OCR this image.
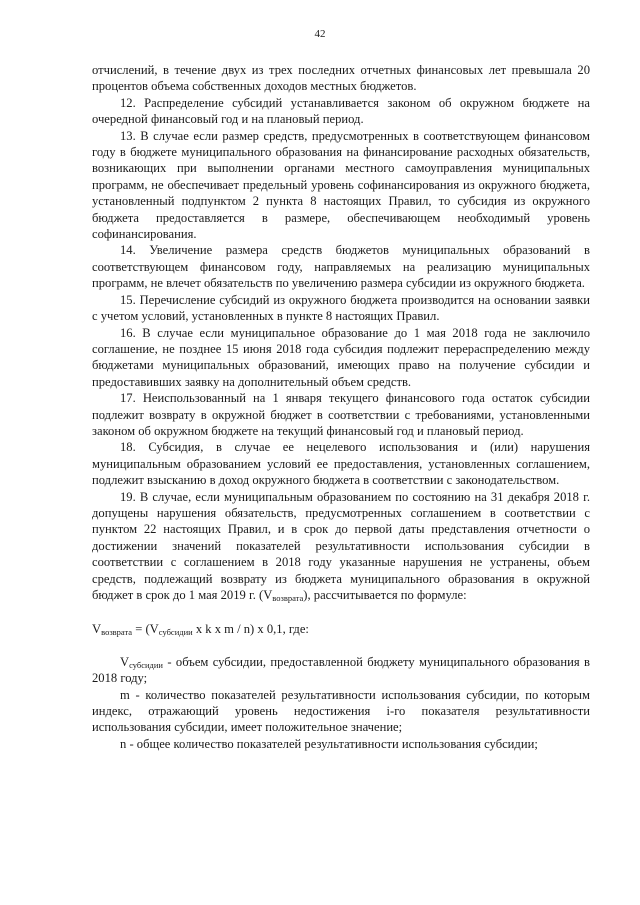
42

отчислений, в течение двух из трех последних отчетных финансовых лет превышала 20 процентов объема собственных доходов местных бюджетов.

12. Распределение субсидий устанавливается законом об окружном бюджете на очередной финансовый год и на плановый период.

13. В случае если размер средств, предусмотренных в соответствующем финансовом году в бюджете муниципального образования на финансирование расходных обязательств, возникающих при выполнении органами местного самоуправления муниципальных программ, не обеспечивает предельный уровень софинансирования из окружного бюджета, установленный подпунктом 2 пункта 8 настоящих Правил, то субсидия из окружного бюджета предоставляется в размере, обеспечивающем необходимый уровень софинансирования.

14. Увеличение размера средств бюджетов муниципальных образований в соответствующем финансовом году, направляемых на реализацию муниципальных программ, не влечет обязательств по увеличению размера субсидии из окружного бюджета.

15. Перечисление субсидий из окружного бюджета производится на основании заявки с учетом условий, установленных в пункте 8 настоящих Правил.

16. В случае если муниципальное образование до 1 мая 2018 года не заключило соглашение, не позднее 15 июня 2018 года субсидия подлежит перераспределению между бюджетами муниципальных образований, имеющих право на получение субсидии и предоставивших заявку на дополнительный объем средств.

17. Неиспользованный на 1 января текущего финансового года остаток субсидии подлежит возврату в окружной бюджет в соответствии с требованиями, установленными законом об окружном бюджете на текущий финансовый год и плановый период.

18. Субсидия, в случае ее нецелевого использования и (или) нарушения муниципальным образованием условий ее предоставления, установленных соглашением, подлежит взысканию в доход окружного бюджета в соответствии с законодательством.

19. В случае, если муниципальным образованием по состоянию на 31 декабря 2018 г. допущены нарушения обязательств, предусмотренных соглашением в соответствии с пунктом 22 настоящих Правил, и в срок до первой даты представления отчетности о достижении значений показателей результативности использования субсидии в соответствии с соглашением в 2018 году указанные нарушения не устранены, объем средств, подлежащий возврату из бюджета муниципального образования в окружной бюджет в срок до 1 мая 2019 г. $(V_{возврата})$, рассчитывается по формуле:

$V_{возврата} = (V_{субсидии}$ x k x m / n) x 0,1, где:

$V_{субсидии}$ - объем субсидии, предоставленной бюджету муниципального образования в 2018 году;

m - количество показателей результативности использования субсидии, по которым индекс, отражающий уровень недостижения i-го показателя результативности использования субсидии, имеет положительное значение;

n - общее количество показателей результативности использования субсидии;
